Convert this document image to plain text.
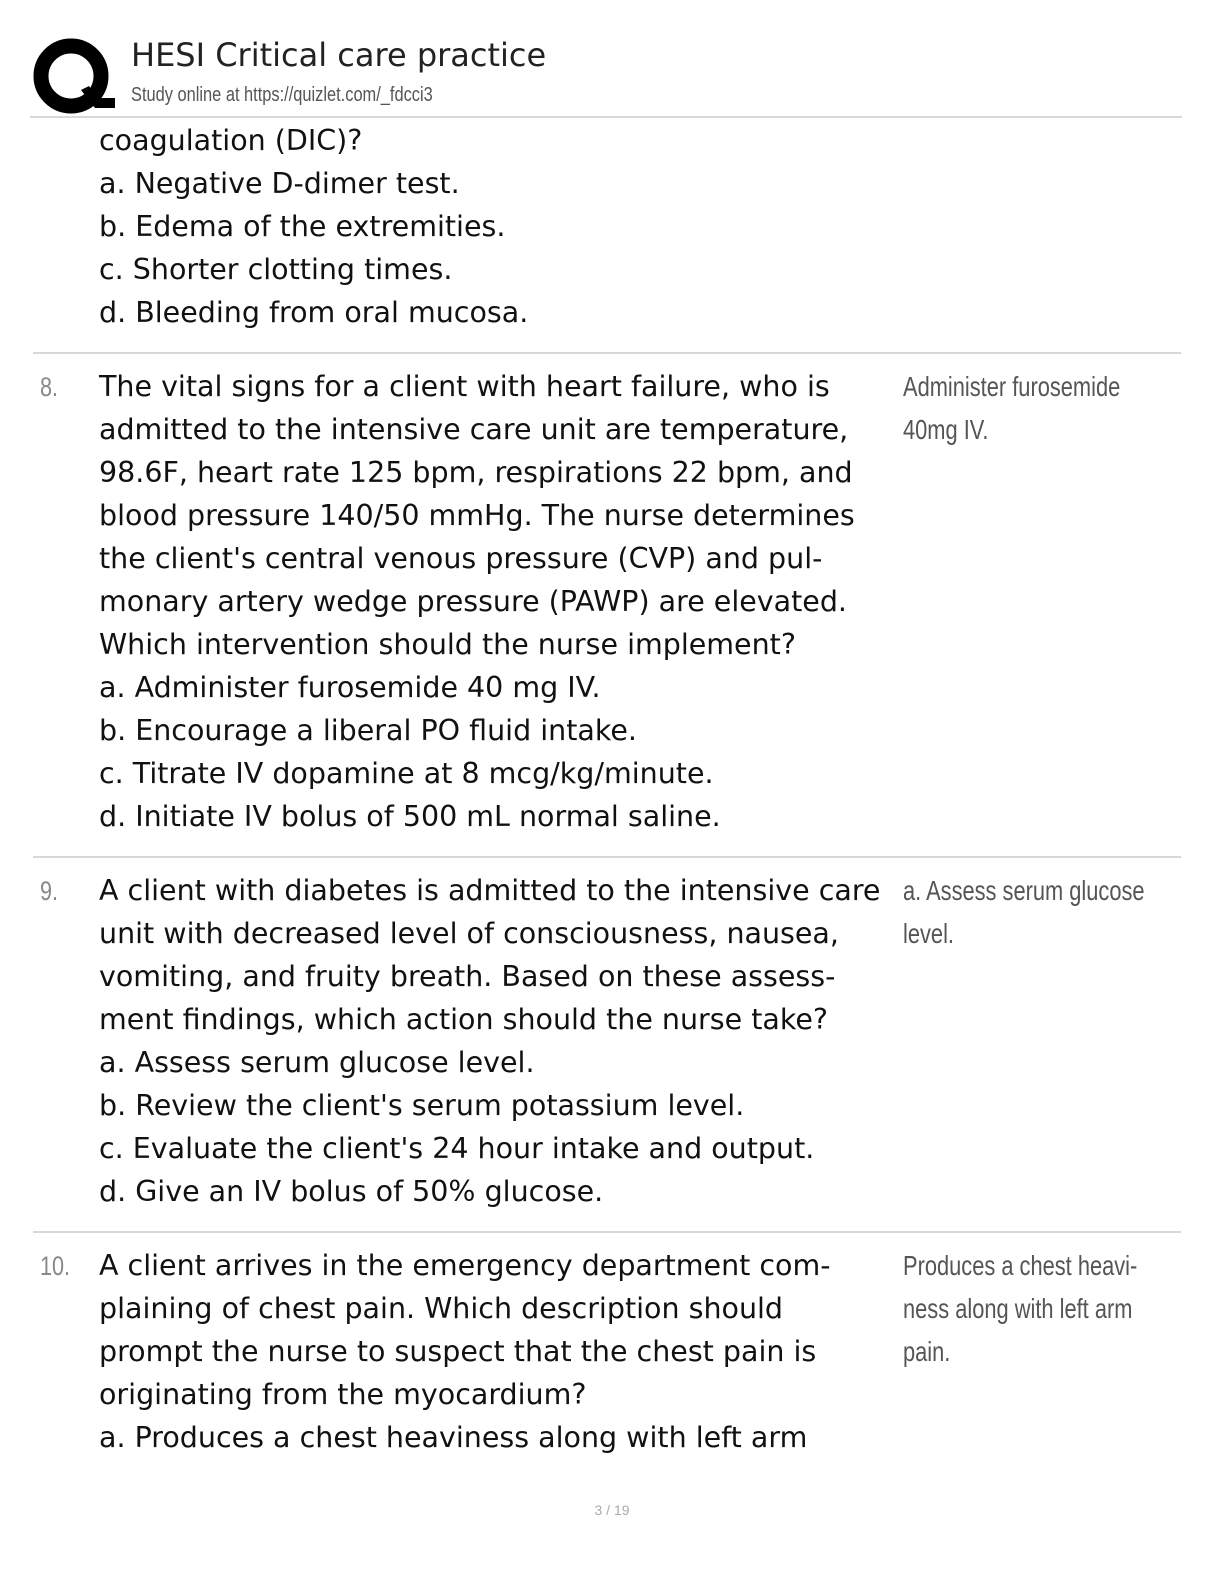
HESI Critical care practice
Study online at https://quizlet.com/_fdcci3
coagulation (DIC)?
a. Negative D-dimer test.
b. Edema of the extremities.
c. Shorter clotting times.
d. Bleeding from oral mucosa.
8. The vital signs for a client with heart failure, who is
admitted to the intensive care unit are temperature,
98.6F, heart rate 125 bpm, respirations 22 bpm, and
blood pressure 140/50 mmHg. The nurse determines
the client's central venous pressure (CVP) and pul-
monary artery wedge pressure (PAWP) are elevated.
Which intervention should the nurse implement?
a. Administer furosemide 40 mg IV.
b. Encourage a liberal PO fluid intake.
c. Titrate IV dopamine at 8 mcg/kg/minute.
d. Initiate IV bolus of 500 mL normal saline.
Administer furosemide
40mg IV.
9. A client with diabetes is admitted to the intensive care
unit with decreased level of consciousness, nausea,
vomiting, and fruity breath. Based on these assess-
ment findings, which action should the nurse take?
a. Assess serum glucose level.
b. Review the client's serum potassium level.
c. Evaluate the client's 24 hour intake and output.
d. Give an IV bolus of 50% glucose.
a. Assess serum glucose
level.
10. A client arrives in the emergency department com-
plaining of chest pain. Which description should
prompt the nurse to suspect that the chest pain is
originating from the myocardium?
a. Produces a chest heaviness along with left arm
Produces a chest heavi-
ness along with left arm
pain.
3 / 19
